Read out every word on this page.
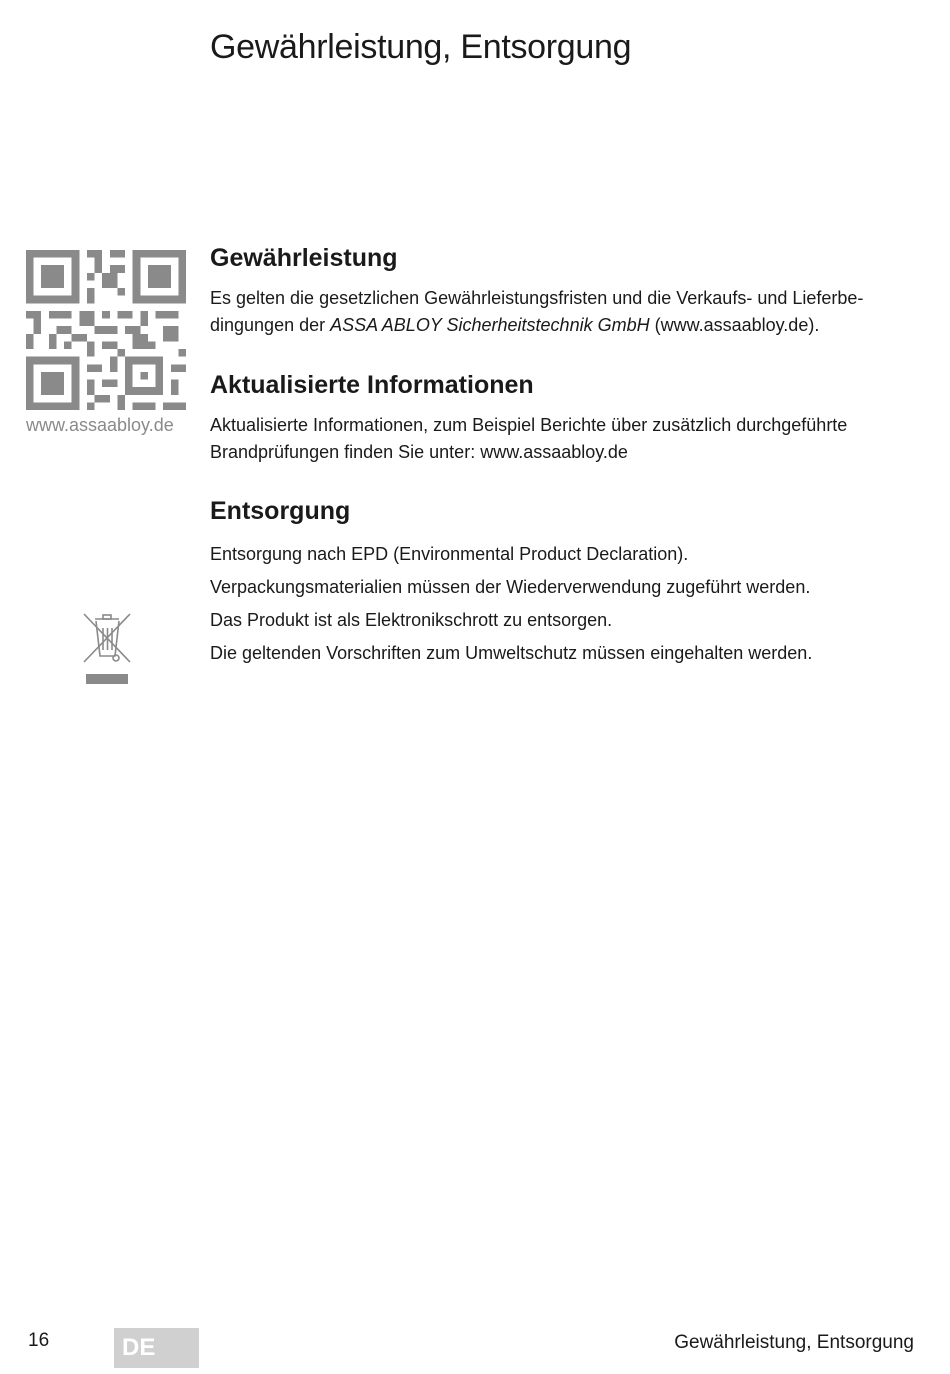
Gewährleistung, Entsorgung
www.assaabloy.de
Gewährleistung

Es gelten die gesetzlichen Gewährleistungsfristen und die Verkaufs- und Lieferbe-dingungen der ASSA ABLOY Sicherheitstechnik GmbH (www.assaabloy.de).

Aktualisierte Informationen

Aktualisierte Informationen, zum Beispiel Berichte über zusätzlich durchgeführte Brandprüfungen finden Sie unter: www.assaabloy.de

Entsorgung

Entsorgung nach EPD (Environmental Product Declaration).

Verpackungsmaterialien müssen der Wiederverwendung zugeführt werden.

Das Produkt ist als Elektronikschrott zu entsorgen.

Die geltenden Vorschriften zum Umweltschutz müssen eingehalten werden.

16	DE	Gewährleistung, Entsorgung
